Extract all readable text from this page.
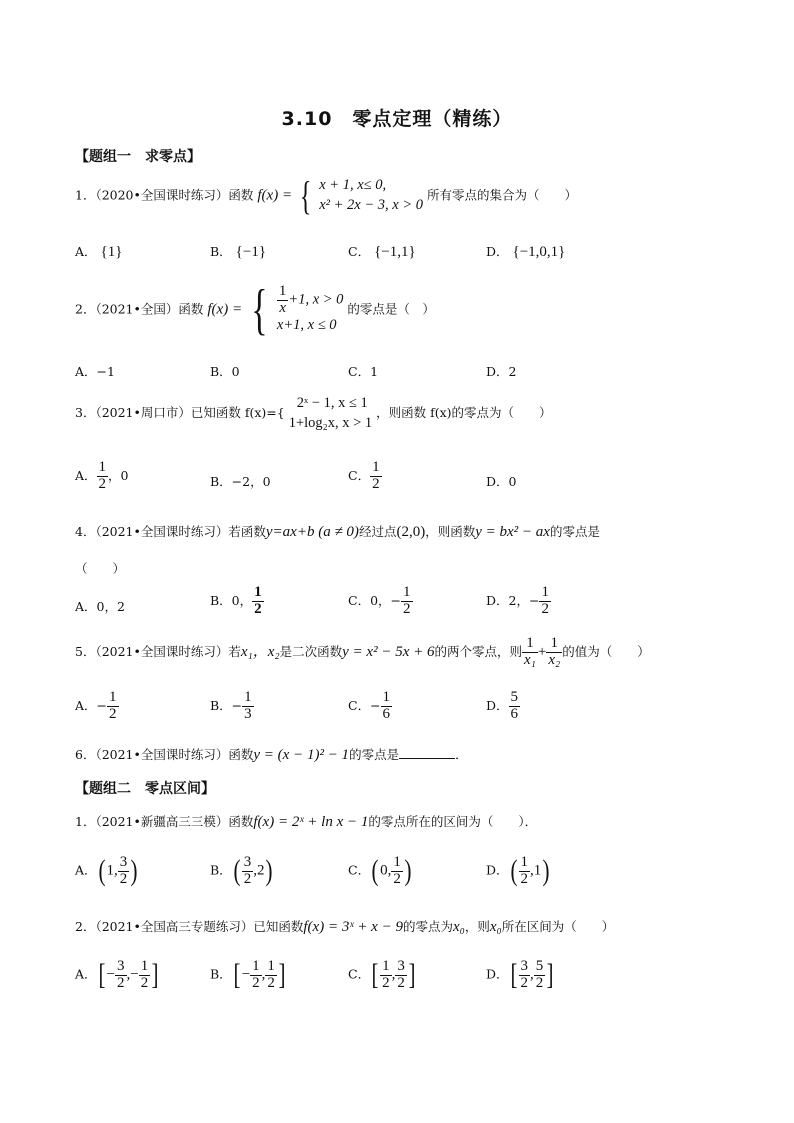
3.10　零点定理（精练）
【题组一　求零点】
1．（2020•全国课时练习）函数 f(x) = { x + 1, x≤ 0,
x² + 2x − 3, x > 0
所有零点的集合为（　　）
A． {1}	B． {−1}	C． {−1,1}	D． {−1,0,1}
2．（2021•全国）函数 f(x) = { $\frac{1}{x} +1$, x > 0
x+1, x ≤ 0
的零点是（　）
A．−1	B．0	C．1	D．2
3．（2021•周口市）已知函数 f(x)={
2ˣ − 1, x ≤ 1
1+log₂x, x > 1
，则函数 f(x)的零点为（　　）
A． $\frac{1}{2}$ ，0	B．−2，0	C． $\frac{1}{2}$	D．0
4．（2021•全国课时练习）若函数y=ax+b (a ≠ 0)经过点(2,0)，则函数y = bx² − ax的零点是
（　　）
A．0，2	B．0， $\frac{1}{2}$	C．0，− $\frac{1}{2}$	D．2，− $\frac{1}{2}$
5．（2021•全国课时练习）若x₁，x₂是二次函数y = x² − 5x + 6的两个零点，则 $\frac{1}{\text{x₁}} + \frac{1}{\text{x₂}}$ 的值为（　　）
A．− $\frac{1}{2}$	B．− $\frac{1}{3}$	C．− $\frac{1}{6}$	D． $\frac{5}{6}$
6．（2021•全国课时练习）函数y = (x − 1)² − 1的零点是	．
【题组二　零点区间】
1．（2021•新疆高三三模）函数f(x) = 2ˣ + ln x − 1的零点所在的区间为（　　）．
A．( 1, $\frac{3}{2}$ )	B．( $\frac{3}{2} ,2$)	C．( 0, $\frac{1}{2}$ )	D．( $\frac{1}{2} ,1$)
2．（2021•全国高三专题练习）已知函数f(x) = 3ˣ + x − 9的零点为x₀，则x₀所在区间为（　　）
A．[ − $\frac{3}{2}$ ,− $\frac{1}{2}$ ]	B．[ − $\frac{1}{2}$ , $\frac{1}{2}$ ]	C．[ $\frac{1}{2}$ , $\frac{3}{2}$ ]	D．[ $\frac{3}{2}$ , $\frac{5}{2}$ ]
